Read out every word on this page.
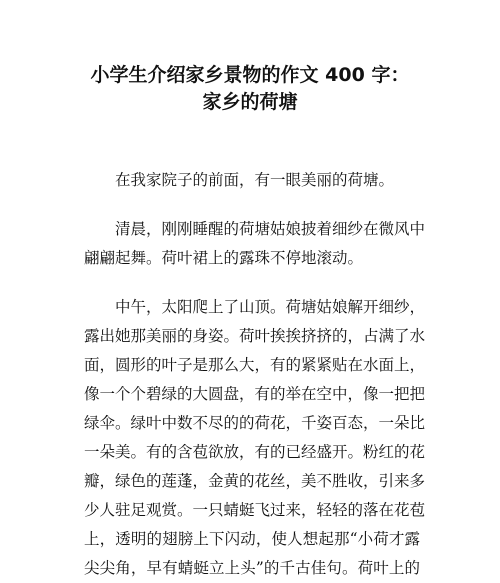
小学生介绍家乡景物的作文 400 字：
家乡的荷塘

　　在我家院子的前面，有一眼美丽的荷塘。

　　清晨，刚刚睡醒的荷塘姑娘披着细纱在微风中
翩翩起舞。荷叶裙上的露珠不停地滚动。

　　中午，太阳爬上了山顶。荷塘姑娘解开细纱，
露出她那美丽的身姿。荷叶挨挨挤挤的，占满了水
面，圆形的叶子是那么大，有的紧紧贴在水面上，
像一个个碧绿的大圆盘，有的举在空中，像一把把
绿伞。绿叶中数不尽的的荷花，千姿百态，一朵比
一朵美。有的含苞欲放，有的已经盛开。粉红的花
瓣，绿色的莲蓬，金黄的花丝，美不胜收，引来多
少人驻足观赏。一只蜻蜓飞过来，轻轻的落在花苞
上，透明的翅膀上下闪动，使人想起那“小荷才露
尖尖角，早有蜻蜓立上头”的千古佳句。荷叶上的
